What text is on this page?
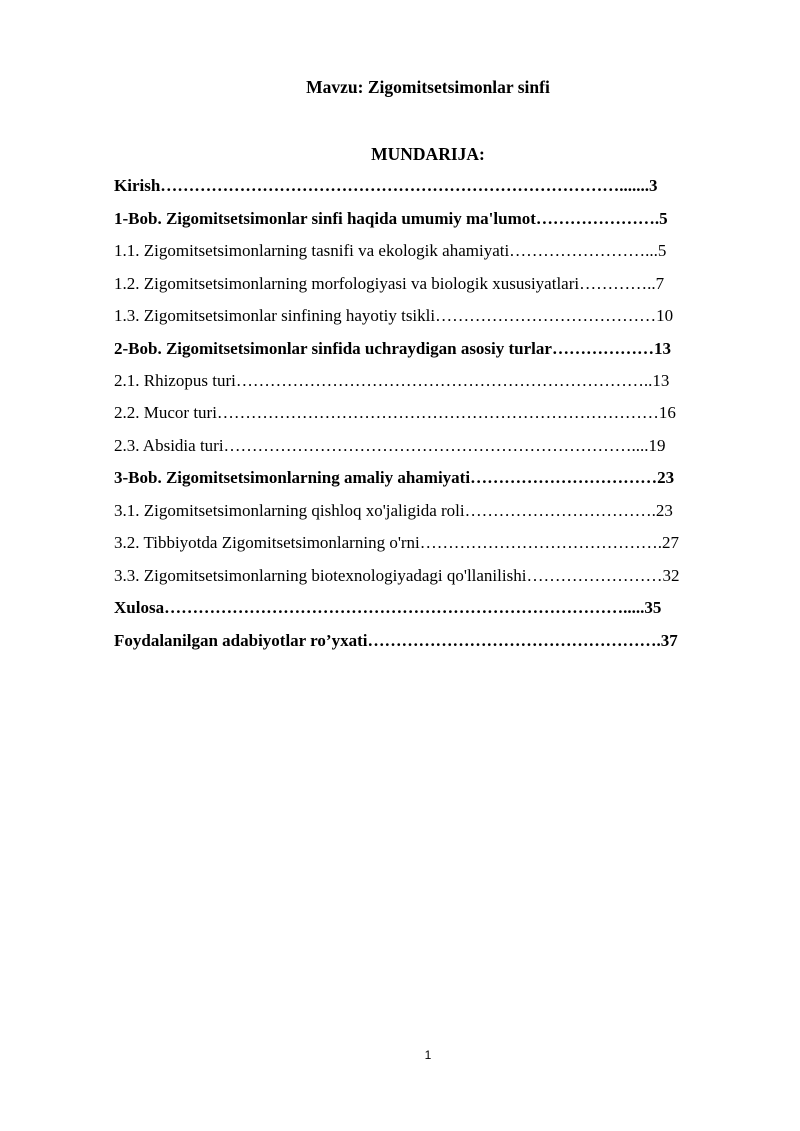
Mavzu: Zigomitsetsimonlar sinfi
MUNDARIJA:
Kirish……………………………………………………………………….......3
1-Bob. Zigomitsetsimonlar sinfi haqida umumiy ma'lumot………………….5
1.1. Zigomitsetsimonlarning tasnifi va ekologik ahamiyati……………………...5
1.2. Zigomitsetsimonlarning morfologiyasi va biologik xususiyatlari…………..7
1.3. Zigomitsetsimonlar sinfining hayotiy tsikli…………………………………10
2-Bob. Zigomitsetsimonlar sinfida uchraydigan asosiy turlar………………13
2.1. Rhizopus turi………………………………………………………………..13
2.2. Mucor turi……………………………………………………………………16
2.3. Absidia turi………………………………………………………………....19
3-Bob. Zigomitsetsimonlarning amaliy ahamiyati……………………………23
3.1. Zigomitsetsimonlarning qishloq xo'jaligida roli…………………………….23
3.2. Tibbiyotda Zigomitsetsimonlarning o'rni…………………………………….27
3.3. Zigomitsetsimonlarning biotexnologiyadagi qo'llanilishi……………………32
Xulosa……………………………………………………………………….....35
Foydalanilgan adabiyotlar ro’yxati…………………………………………….37
1
